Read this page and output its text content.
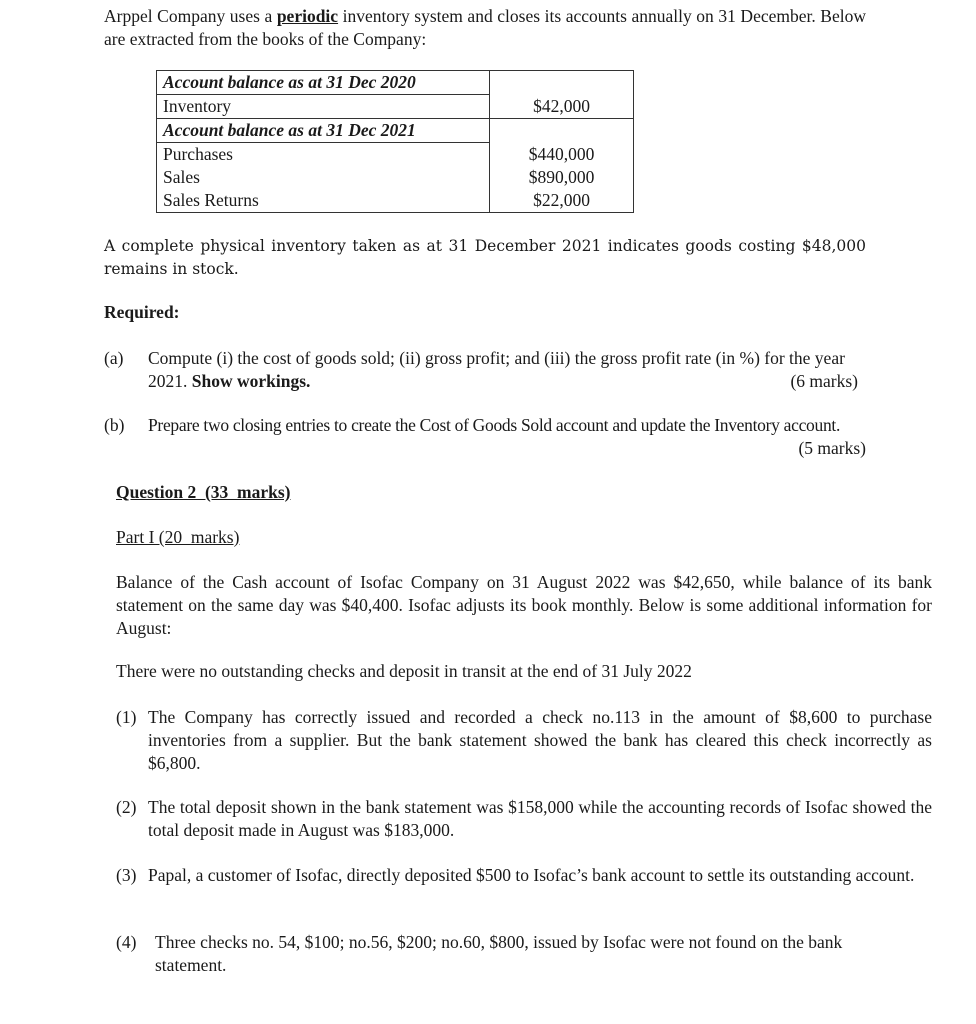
Arppel Company uses a periodic inventory system and closes its accounts annually on 31 December. Below are extracted from the books of the Company:

Account balance as at 31 Dec 2020	
Inventory	$42,000
Account balance as at 31 Dec 2021	
Purchases	$440,000
Sales	$890,000
Sales Returns	$22,000

A complete physical inventory taken as at 31 December 2021 indicates goods costing $48,000 remains in stock.

Required:

(a) Compute (i) the cost of goods sold; (ii) gross profit; and (iii) the gross profit rate (in %) for the year 2021. Show workings.	(6 marks)
(b) Prepare two closing entries to create the Cost of Goods Sold account and update the Inventory account.
(5 marks)

Question 2  (33  marks)

Part I (20  marks)

Balance of the Cash account of Isofac Company on 31 August 2022 was $42,650, while balance of its bank statement on the same day was $40,400. Isofac adjusts its book monthly. Below is some additional information for August:

There were no outstanding checks and deposit in transit at the end of 31 July 2022

(1) The Company has correctly issued and recorded a check no.113 in the amount of $8,600 to purchase inventories from a supplier. But the bank statement showed the bank has cleared this check incorrectly as $6,800.

(2) The total deposit shown in the bank statement was $158,000 while the accounting records of Isofac showed the total deposit made in August was $183,000.

(3) Papal, a customer of Isofac, directly deposited $500 to Isofac’s bank account to settle its outstanding account.

(4) Three checks no. 54, $100; no.56, $200; no.60, $800, issued by Isofac were not found on the bank statement.
